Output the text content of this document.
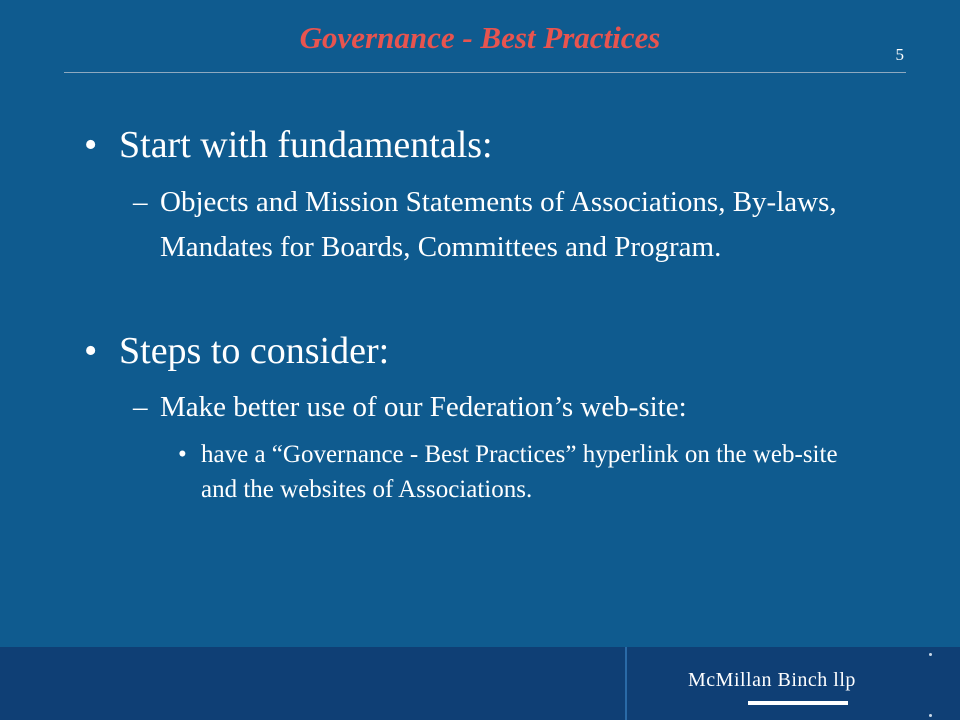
Governance - Best Practices	5
• Start with fundamentals:
– Objects and Mission Statements of Associations, By-laws, Mandates for Boards, Committees and Program.
• Steps to consider:
– Make better use of our Federation’s web-site:
• have a “Governance - Best Practices” hyperlink on the web-site and the websites of Associations.
McMillan Binch llp
